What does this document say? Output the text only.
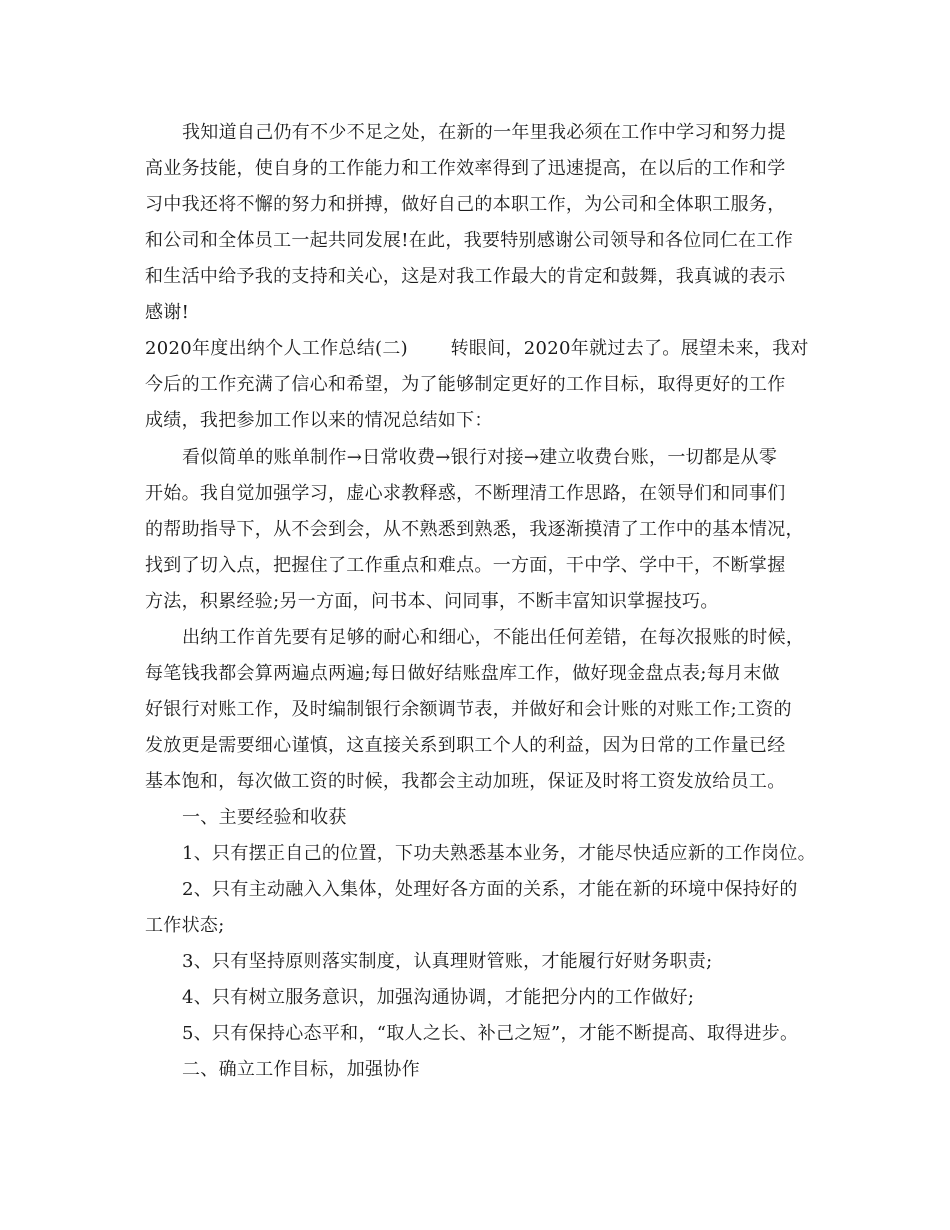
我知道自己仍有不少不足之处，在新的一年里我必须在工作中学习和努力提
高业务技能，使自身的工作能力和工作效率得到了迅速提高，在以后的工作和学
习中我还将不懈的努力和拼搏，做好自己的本职工作，为公司和全体职工服务，
和公司和全体员工一起共同发展!在此，我要特别感谢公司领导和各位同仁在工作
和生活中给予我的支持和关心，这是对我工作最大的肯定和鼓舞，我真诚的表示
感谢!
2020年度出纳个人工作总结(二)　　 转眼间，2020年就过去了。展望未来，我对
今后的工作充满了信心和希望，为了能够制定更好的工作目标，取得更好的工作
成绩，我把参加工作以来的情况总结如下：
看似简单的账单制作→日常收费→银行对接→建立收费台账，一切都是从零
开始。我自觉加强学习，虚心求教释惑，不断理清工作思路，在领导们和同事们
的帮助指导下，从不会到会，从不熟悉到熟悉，我逐渐摸清了工作中的基本情况，
找到了切入点，把握住了工作重点和难点。一方面，干中学、学中干，不断掌握
方法，积累经验;另一方面，问书本、问同事，不断丰富知识掌握技巧。
出纳工作首先要有足够的耐心和细心，不能出任何差错，在每次报账的时候，
每笔钱我都会算两遍点两遍;每日做好结账盘库工作，做好现金盘点表;每月末做
好银行对账工作，及时编制银行余额调节表，并做好和会计账的对账工作;工资的
发放更是需要细心谨慎，这直接关系到职工个人的利益，因为日常的工作量已经
基本饱和，每次做工资的时候，我都会主动加班，保证及时将工资发放给员工。
一、主要经验和收获
1、只有摆正自己的位置，下功夫熟悉基本业务，才能尽快适应新的工作岗位。
2、只有主动融入入集体，处理好各方面的关系，才能在新的环境中保持好的
工作状态;
3、只有坚持原则落实制度，认真理财管账，才能履行好财务职责;
4、只有树立服务意识，加强沟通协调，才能把分内的工作做好;
5、只有保持心态平和，“取人之长、补己之短”，才能不断提高、取得进步。
二、确立工作目标，加强协作
